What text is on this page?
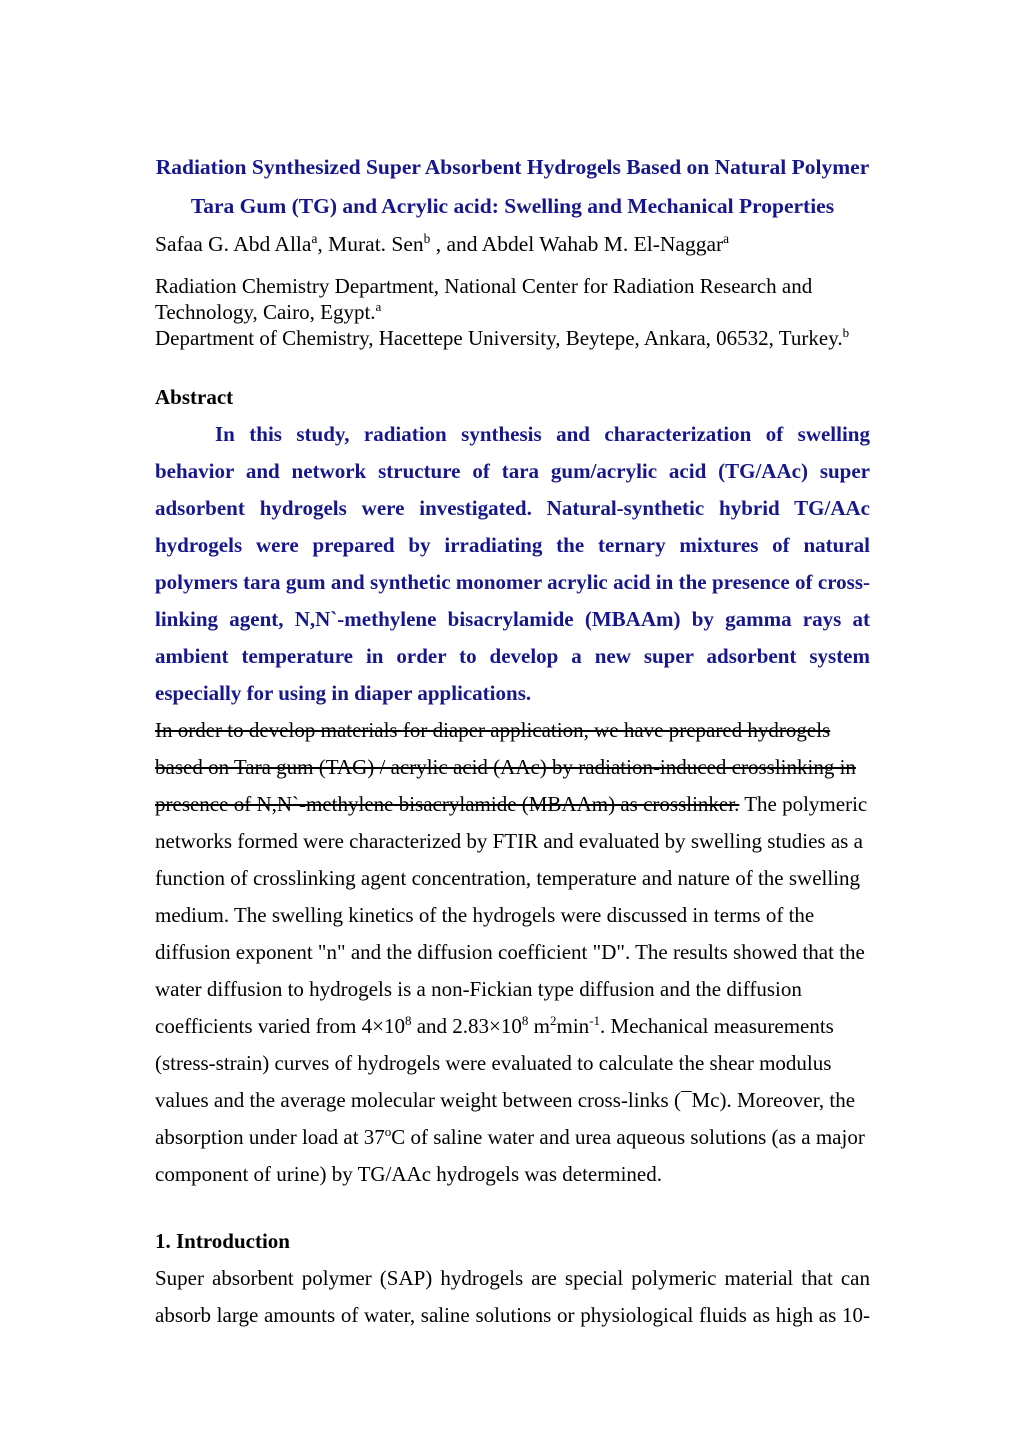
Radiation Synthesized Super Absorbent Hydrogels Based on Natural Polymer
Tara Gum (TG) and Acrylic acid: Swelling and Mechanical Properties

Safaa G. Abd Alla$^a$, Murat. Sen$^b$ , and Abdel Wahab M. El-Naggar$^a$

Radiation Chemistry Department, National Center for Radiation Research and Technology, Cairo, Egypt.$^a$

Department of Chemistry, Hacettepe University, Beytepe, Ankara, 06532, Turkey.$^b$

Abstract

In this study, radiation synthesis and characterization of swelling behavior and network structure of tara gum/acrylic acid (TG/AAc) super adsorbent hydrogels were investigated. Natural-synthetic hybrid TG/AAc hydrogels were prepared by irradiating the ternary mixtures of natural polymers tara gum and synthetic monomer acrylic acid in the presence of cross-linking agent, N,N`-methylene bisacrylamide (MBAAm) by gamma rays at ambient temperature in order to develop a new super adsorbent system especially for using in diaper applications.

In order to develop materials for diaper application, we have prepared hydrogels based on Tara gum (TAG) / acrylic acid (AAc) by radiation-induced crosslinking in presence of N,N`-methylene bisacrylamide (MBAAm) as crosslinker. The polymeric networks formed were characterized by FTIR and evaluated by swelling studies as a function of crosslinking agent concentration, temperature and nature of the swelling medium. The swelling kinetics of the hydrogels were discussed in terms of the diffusion exponent "n" and the diffusion coefficient "D". The results showed that the water diffusion to hydrogels is a non-Fickian type diffusion and the diffusion coefficients varied from $4\times 10^8$ and $2.83\times 10^8$ $m^2\min^{-1}$. Mechanical measurements (stress-strain) curves of hydrogels were evaluated to calculate the shear modulus values and the average molecular weight between cross-links (¯Mc). Moreover, the absorption under load at 37$^o$C of saline water and urea aqueous solutions (as a major component of urine) by TG/AAc hydrogels was determined.

1. Introduction

Super absorbent polymer (SAP) hydrogels are special polymeric material that can absorb large amounts of water, saline solutions or physiological fluids as high as 10-
